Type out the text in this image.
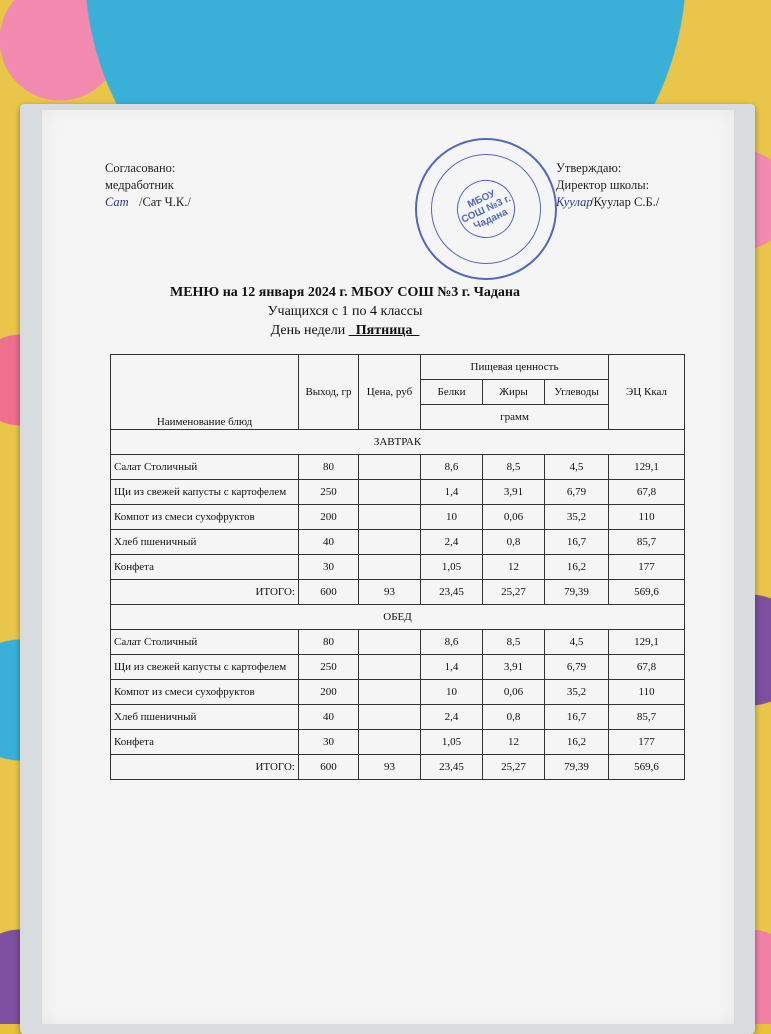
Согласовано:
медработник
Сат /Сат Ч.К./	МБОУ СОШ №3 г. Чадана
Утверждаю:
Директор школы:
Куулар/Куулар С.Б./
МЕНЮ на 12 января 2024 г. МБОУ СОШ №3 г. Чадана
Учащихся с 1 по 4 классы
День недели _Пятница_
Наименование блюд	Выход, гр	Цена, руб	Пищевая ценность			ЭЦ Ккал
			Белки	Жиры	Углеводы	
			грамм			
ЗАВТРАК						
Салат Столичный	80		8,6	8,5	4,5	129,1
Щи из свежей капусты с картофелем	250		1,4	3,91	6,79	67,8
Компот из смеси сухофруктов	200		10	0,06	35,2	110
Хлеб пшеничный	40		2,4	0,8	16,7	85,7
Конфета	30		1,05	12	16,2	177
ИТОГО:	600	93	23,45	25,27	79,39	569,6
ОБЕД						
Салат Столичный	80		8,6	8,5	4,5	129,1
Щи из свежей капусты с картофелем	250		1,4	3,91	6,79	67,8
Компот из смеси сухофруктов	200		10	0,06	35,2	110
Хлеб пшеничный	40		2,4	0,8	16,7	85,7
Конфета	30		1,05	12	16,2	177
ИТОГО:	600	93	23,45	25,27	79,39	569,6
